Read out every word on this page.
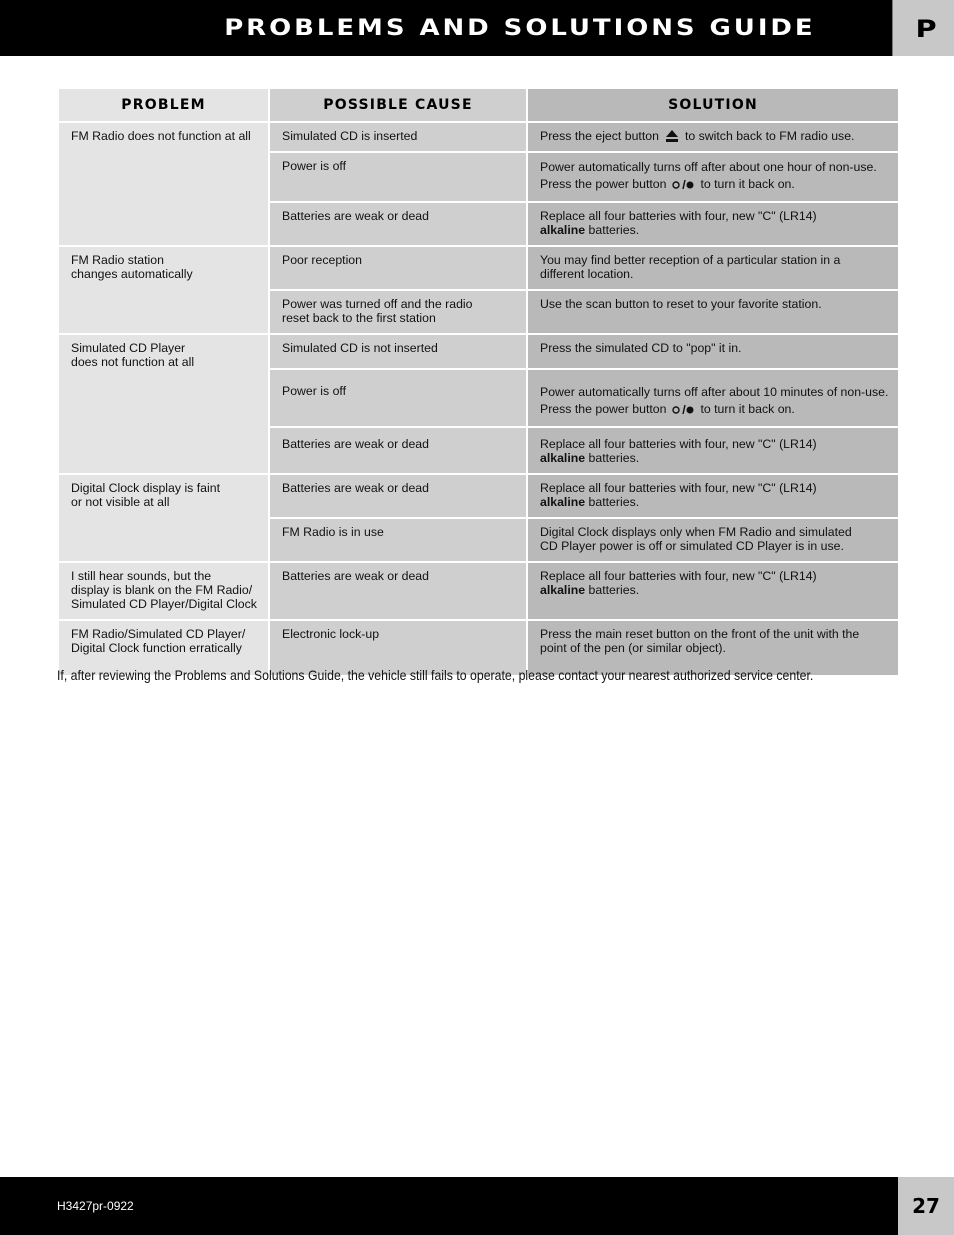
PROBLEMS AND SOLUTIONS GUIDE	P
PROBLEM	POSSIBLE CAUSE	SOLUTION

FM Radio does not function at all	Simulated CD is inserted	Press the eject button to switch back to FM radio use.

	Power is off	Power automatically turns off after about one hour of non-use.
Press the power button to turn it back on.

	Batteries are weak or dead	Replace all four batteries with four, new "C" (LR14)
alkaline batteries.

FM Radio station
changes automatically	Poor reception	You may find better reception of a particular station in a
different location.

	Power was turned off and the radio
reset back to the first station	Use the scan button to reset to your favorite station.

Simulated CD Player
does not function at all	Simulated CD is not inserted	Press the simulated CD to "pop" it in.

	Power is off	Power automatically turns off after about 10 minutes of non-use.
Press the power button to turn it back on.

	Batteries are weak or dead	Replace all four batteries with four, new "C" (LR14)
alkaline batteries.

Digital Clock display is faint
or not visible at all	Batteries are weak or dead	Replace all four batteries with four, new "C" (LR14)
alkaline batteries.

	FM Radio is in use	Digital Clock displays only when FM Radio and simulated
CD Player power is off or simulated CD Player is in use.

I still hear sounds, but the
display is blank on the FM Radio/
Simulated CD Player/Digital Clock	Batteries are weak or dead	Replace all four batteries with four, new "C" (LR14)
alkaline batteries.

FM Radio/Simulated CD Player/
Digital Clock function erratically	Electronic lock-up	Press the main reset button on the front of the unit with the
point of the pen (or similar object).

If, after reviewing the Problems and Solutions Guide, the vehicle still fails to operate, please contact your nearest authorized service center.

H3427pr-0922	27
